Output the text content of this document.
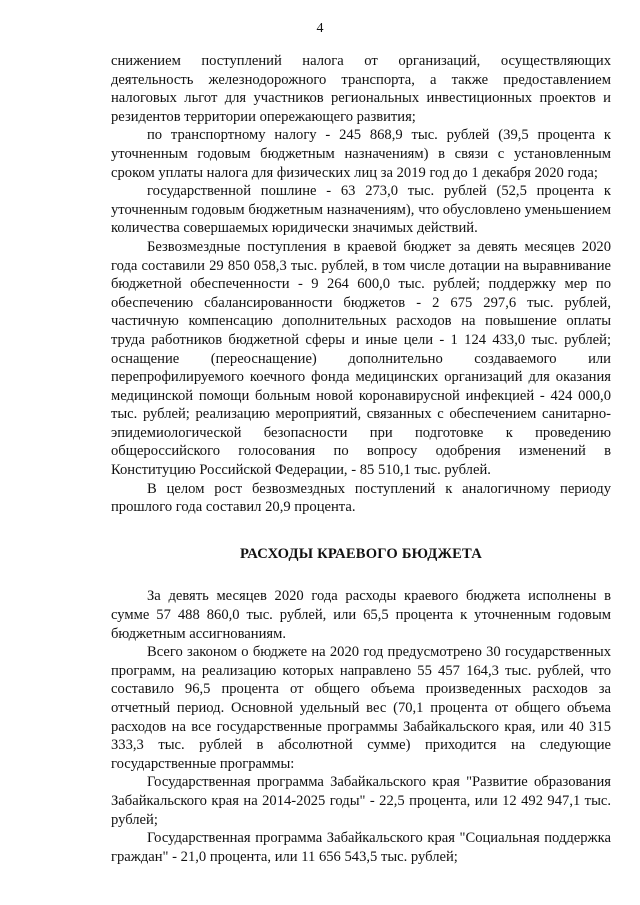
4

снижением поступлений налога от организаций, осуществляющих деятельность железнодорожного транспорта, а также предоставлением налоговых льгот для участников региональных инвестиционных проектов и резидентов территории опережающего развития;

по транспортному налогу - 245 868,9 тыс. рублей (39,5 процента к уточненным годовым бюджетным назначениям) в связи с установленным сроком уплаты налога для физических лиц за 2019 год до 1 декабря 2020 года;

государственной пошлине - 63 273,0 тыс. рублей (52,5 процента к уточненным годовым бюджетным назначениям), что обусловлено уменьшением количества совершаемых юридически значимых действий.

Безвозмездные поступления в краевой бюджет за девять месяцев 2020 года составили 29 850 058,3 тыс. рублей, в том числе дотации на выравнивание бюджетной обеспеченности - 9 264 600,0 тыс. рублей; поддержку мер по обеспечению сбалансированности бюджетов - 2 675 297,6 тыс. рублей, частичную компенсацию дополнительных расходов на повышение оплаты труда работников бюджетной сферы и иные цели - 1 124 433,0 тыс. рублей; оснащение (переоснащение) дополнительно создаваемого или перепрофилируемого коечного фонда медицинских организаций для оказания медицинской помощи больным новой коронавирусной инфекцией - 424 000,0 тыс. рублей; реализацию мероприятий, связанных с обеспечением санитарно-эпидемиологической безопасности при подготовке к проведению общероссийского голосования по вопросу одобрения изменений в Конституцию Российской Федерации, - 85 510,1 тыс. рублей.

В целом рост безвозмездных поступлений к аналогичному периоду прошлого года составил 20,9 процента.

РАСХОДЫ КРАЕВОГО БЮДЖЕТА

За девять месяцев 2020 года расходы краевого бюджета исполнены в сумме 57 488 860,0 тыс. рублей, или 65,5 процента к уточненным годовым бюджетным ассигнованиям.

Всего законом о бюджете на 2020 год предусмотрено 30 государственных программ, на реализацию которых направлено 55 457 164,3 тыс. рублей, что составило 96,5 процента от общего объема произведенных расходов за отчетный период. Основной удельный вес (70,1 процента от общего объема расходов на все государственные программы Забайкальского края, или 40 315 333,3 тыс. рублей в абсолютной сумме) приходится на следующие государственные программы:

Государственная программа Забайкальского края "Развитие образования Забайкальского края на 2014-2025 годы" - 22,5 процента, или 12 492 947,1 тыс. рублей;

Государственная программа Забайкальского края "Социальная поддержка граждан" - 21,0 процента, или 11 656 543,5 тыс. рублей;
